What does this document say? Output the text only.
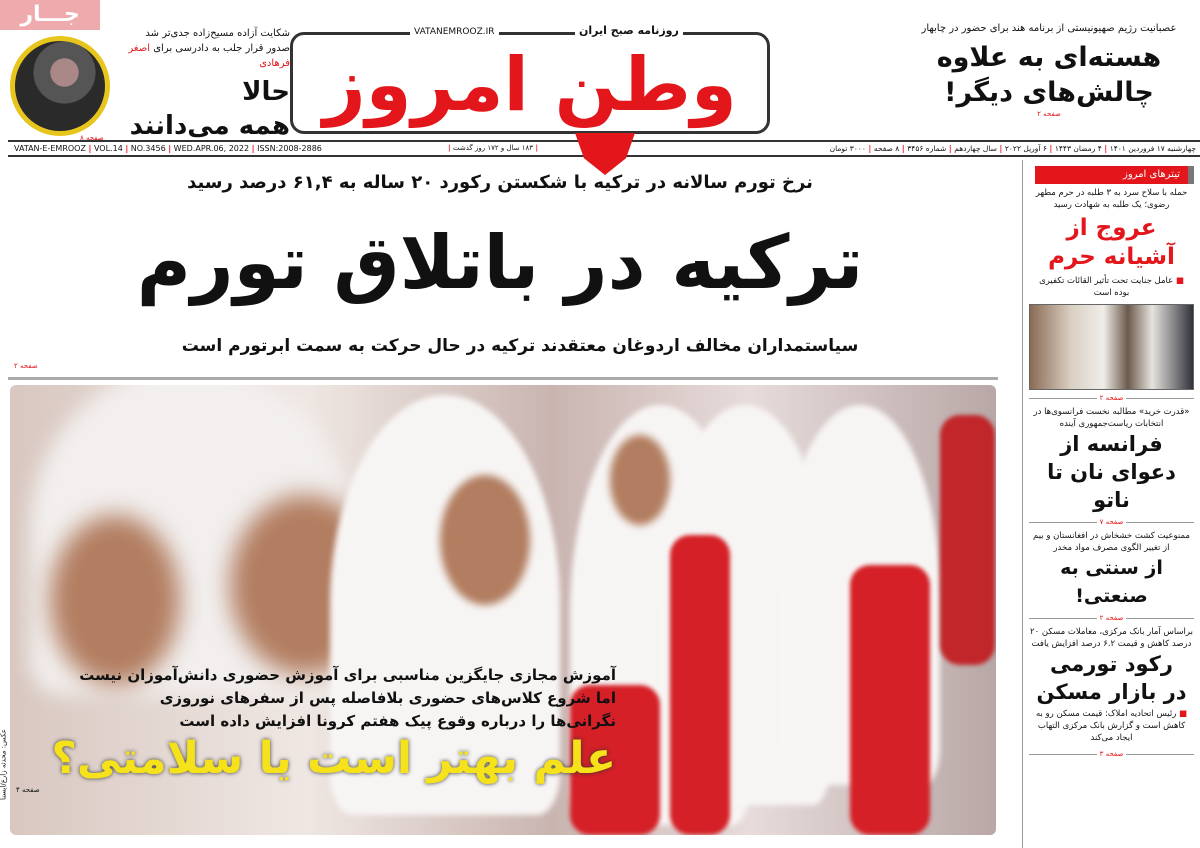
جـــار
صفحه ۸
شکایت آزاده مسیح‌زاده جدی‌تر شد
صدور قرار جلب به دادرسی برای اصغر فرهادی
حالا
همه می‌دانند وطن امروز
VATANEMROOZ.IR	روزنامه صبح ایران	عصبانیت رژیم صهیونیستی از برنامه هند برای حضور در چابهار
هسته‌ای به علاوه
چالش‌های دیگر!
صفحه ۲
VATAN-E-EMROOZ | VOL.14 | NO.3456 | WED.APR.06, 2022 | ISSN:2008-2886	| ۱۸۳ سال و ۱۷۲ روز گذشت |	چهارشنبه ۱۷ فروردین ۱۴۰۱ | ۴ رمضان ۱۴۴۳ | ۶ آوریل ۲۰۲۲ | سال چهاردهم | شماره ۳۴۵۶ | ۸ صفحه | ۳۰۰۰ تومان
نرخ تورم سالانه در ترکیه با شکستن رکورد ۲۰ ساله به ۶۱,۴ درصد رسید
ترکیه در باتلاق تورم
سیاستمداران مخالف اردوغان معتقدند ترکیه در حال حرکت به سمت ابرتورم است
صفحه ۲
آموزش مجازی جایگزین مناسبی برای آموزش حضوری دانش‌آموزان نیست
اما شروع کلاس‌های حضوری بلافاصله پس از سفرهای نوروزی
نگرانی‌ها را درباره وقوع پیک هفتم کرونا افزایش داده است
علم بهتر است یا سلامتی؟
صفحه ۴
عکس: محدثه زارع/ایسنا
تیترهای امروز
حمله با سلاح سرد به ۳ طلبه در حرم مطهر رضوی؛ یک طلبه به شهادت رسید
عروج از آشیانه حرم
■ عامل جنایت تحت تأثیر القائات تکفیری بوده است
صفحه ۲
«قدرت خرید» مطالبه نخست فرانسوی‌ها در انتخابات ریاست‌جمهوری آینده
فرانسه از دعوای نان تا ناتو
صفحه ۷
ممنوعیت کشت خشخاش در افغانستان و بیم از تغییر الگوی مصرف مواد مخدر
از سنتی به صنعتی!
صفحه ۲
براساس آمار بانک مرکزی، معاملات مسکن ۲۰ درصد کاهش و قیمت ۶.۲ درصد افزایش یافت
رکود تورمی در بازار مسکن
■ رئیس اتحادیه املاک: قیمت مسکن رو به کاهش است و گزارش بانک مرکزی التهاب ایجاد می‌کند
صفحه ۳
